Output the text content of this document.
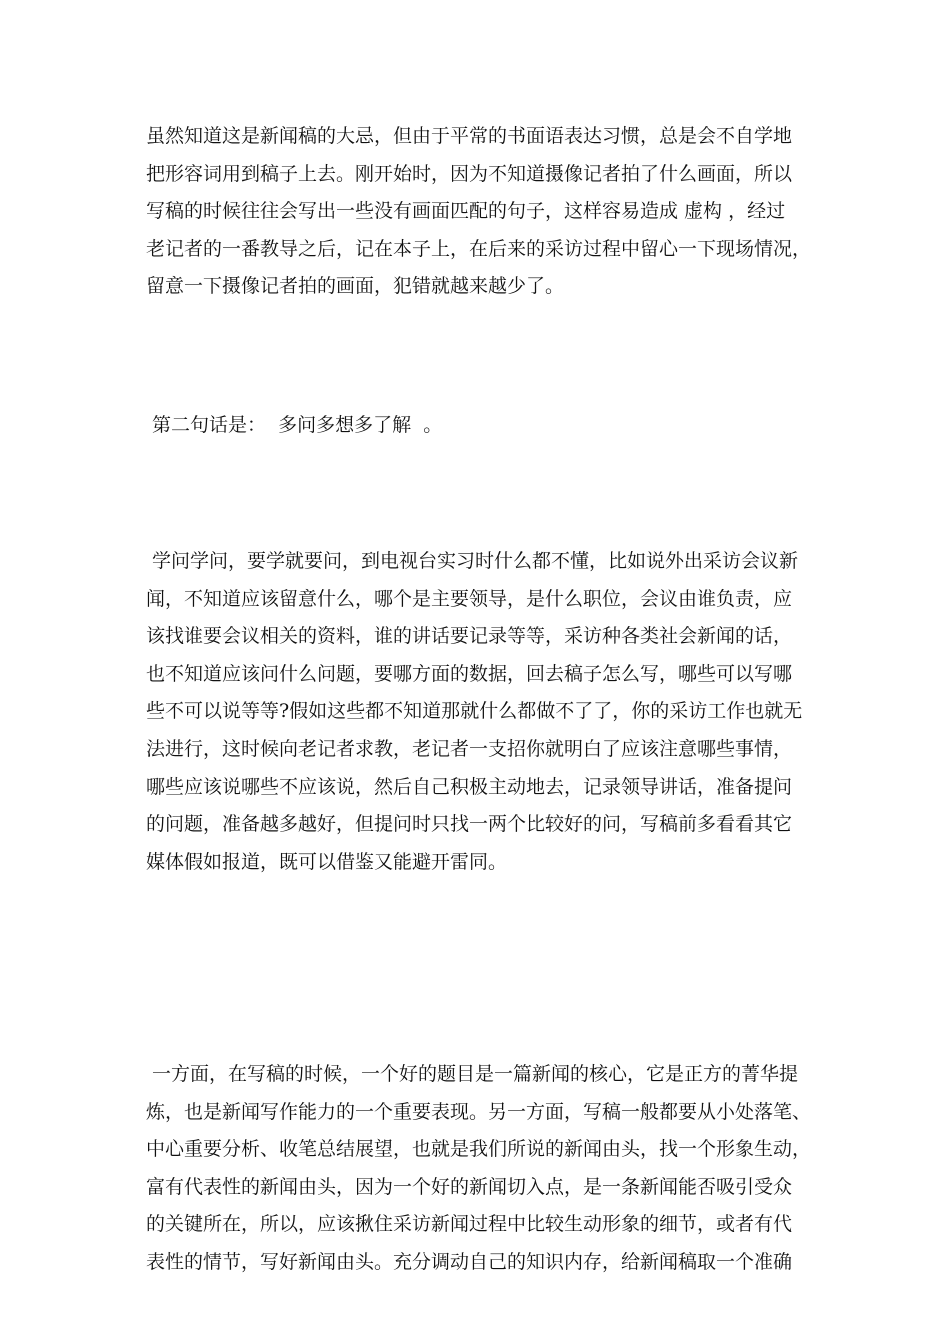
虽然知道这是新闻稿的大忌，但由于平常的书面语表达习惯，总是会不自学地
把形容词用到稿子上去。刚开始时，因为不知道摄像记者拍了什么画面，所以
写稿的时候往往会写出一些没有画面匹配的句子，这样容易造成 虚构 ，经过
老记者的一番教导之后，记在本子上，在后来的采访过程中留心一下现场情况，
留意一下摄像记者拍的画面，犯错就越来越少了。
第二句话是：  多问多想多了解  。
学问学问，要学就要问，到电视台实习时什么都不懂，比如说外出采访会议新
闻，不知道应该留意什么，哪个是主要领导，是什么职位，会议由谁负责，应
该找谁要会议相关的资料，谁的讲话要记录等等，采访种各类社会新闻的话，
也不知道应该问什么问题，要哪方面的数据，回去稿子怎么写，哪些可以写哪
些不可以说等等?假如这些都不知道那就什么都做不了了，你的采访工作也就无
法进行，这时候向老记者求教，老记者一支招你就明白了应该注意哪些事情，
哪些应该说哪些不应该说，然后自己积极主动地去，记录领导讲话，准备提问
的问题，准备越多越好，但提问时只找一两个比较好的问，写稿前多看看其它
媒体假如报道，既可以借鉴又能避开雷同。
一方面，在写稿的时候，一个好的题目是一篇新闻的核心，它是正方的菁华提
炼，也是新闻写作能力的一个重要表现。另一方面，写稿一般都要从小处落笔、
中心重要分析、收笔总结展望，也就是我们所说的新闻由头，找一个形象生动，
富有代表性的新闻由头，因为一个好的新闻切入点，是一条新闻能否吸引受众
的关键所在，所以，应该揪住采访新闻过程中比较生动形象的细节，或者有代
表性的情节，写好新闻由头。充分调动自己的知识内存，给新闻稿取一个准确
